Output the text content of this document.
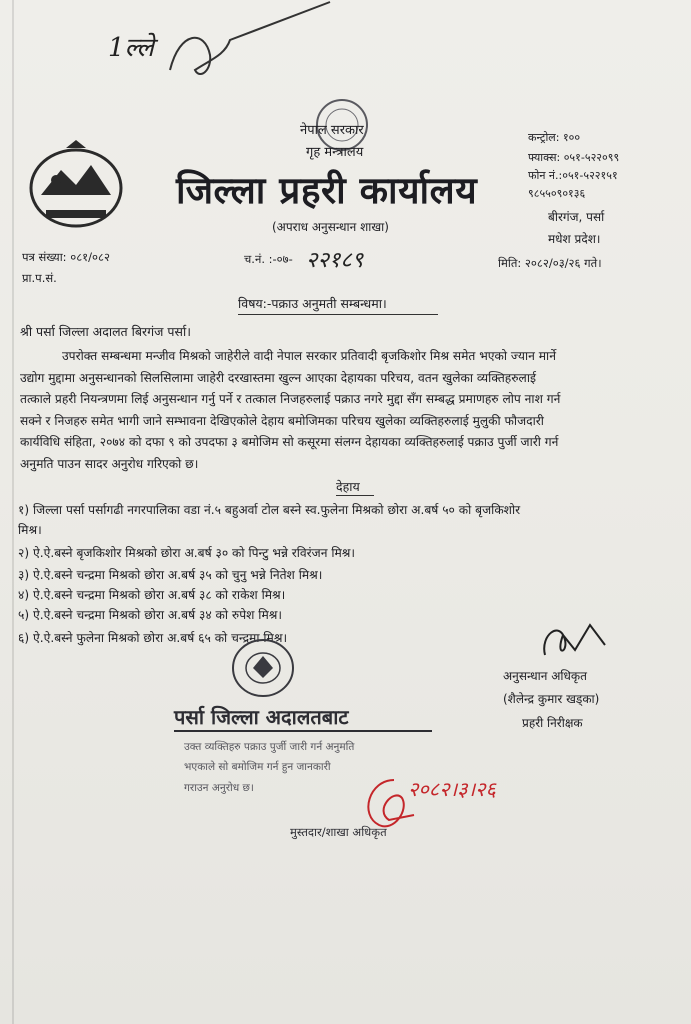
1ल्ले
नेपाल सरकार
गृह मन्त्रालय
जिल्ला प्रहरी कार्यालय
(अपराध अनुसन्धान शाखा)
कन्ट्रोल: १००
फ्याक्स: ०५१-५२२०९९
फोन नं.:०५१-५२२१५१
९८५५०९०१३६
बीरगंज, पर्सा
मधेश प्रदेश।
पत्र संख्या: ०८१/०८२
प्रा.प.सं.
च.नं. :-०७- २२१८९	मिति: २०८२/०३/२६ गते।
विषय:-पक्राउ अनुमती सम्बन्धमा।
श्री पर्सा जिल्ला अदालत बिरगंज पर्सा।
उपरोक्त सम्बन्धमा मन्जीव मिश्रको जाहेरीले वादी नेपाल सरकार प्रतिवादी बृजकिशोर मिश्र समेत भएको ज्यान मार्ने
उद्योग मुद्दामा अनुसन्धानको सिलसिलामा जाहेरी दरखास्तमा खुल्न आएका देहायका परिचय, वतन खुलेका व्यक्तिहरुलाई
तत्काले प्रहरी नियन्त्रणमा लिई अनुसन्धान गर्नु पर्ने र तत्काल निजहरुलाई पक्राउ नगरे मुद्दा सँग सम्बद्ध प्रमाणहरु लोप नाश गर्न
सक्ने र निजहरु समेत भागी जाने सम्भावना देखिएकोले देहाय बमोजिमका परिचय खुलेका व्यक्तिहरुलाई मुलुकी फौजदारी
कार्यविधि संहिता, २०७४ को दफा ९ को उपदफा ३ बमोजिम सो कसूरमा संलग्न देहायका व्यक्तिहरुलाई पक्राउ पुर्जी जारी गर्न
अनुमति पाउन सादर अनुरोध गरिएको छ।
देहाय
१) जिल्ला पर्सा पर्सागढी नगरपालिका वडा नं.५ बहुअर्वा टोल बस्ने स्व.फुलेना मिश्रको छोरा अ.बर्ष ५० को बृजकिशोर
मिश्र।
२) ऐ.ऐ.बस्ने बृजकिशोर मिश्रको छोरा अ.बर्ष ३० को पिन्टु भन्ने रविरंजन मिश्र।
३) ऐ.ऐ.बस्ने चन्द्रमा मिश्रको छोरा अ.बर्ष ३५ को चुनु भन्ने नितेश मिश्र।
४) ऐ.ऐ.बस्ने चन्द्रमा मिश्रको छोरा अ.बर्ष ३८ को राकेश मिश्र।
५) ऐ.ऐ.बस्ने चन्द्रमा मिश्रको छोरा अ.बर्ष ३४ को रुपेश मिश्र।
६) ऐ.ऐ.बस्ने फुलेना मिश्रको छोरा अ.बर्ष ६५ को चन्द्रमा मिश्र।
अनुसन्धान अधिकृत
(शैलेन्द्र कुमार खड्का)
प्रहरी निरीक्षक
पर्सा जिल्ला अदालतबाट
उक्त व्यक्तिहरु पक्राउ पुर्जी जारी गर्न अनुमति
भएकाले सो बमोजिम गर्न हुन जानकारी
गराउन अनुरोध छ।
मुस्तदार/शाखा अधिकृत
२०८२।३।२६
